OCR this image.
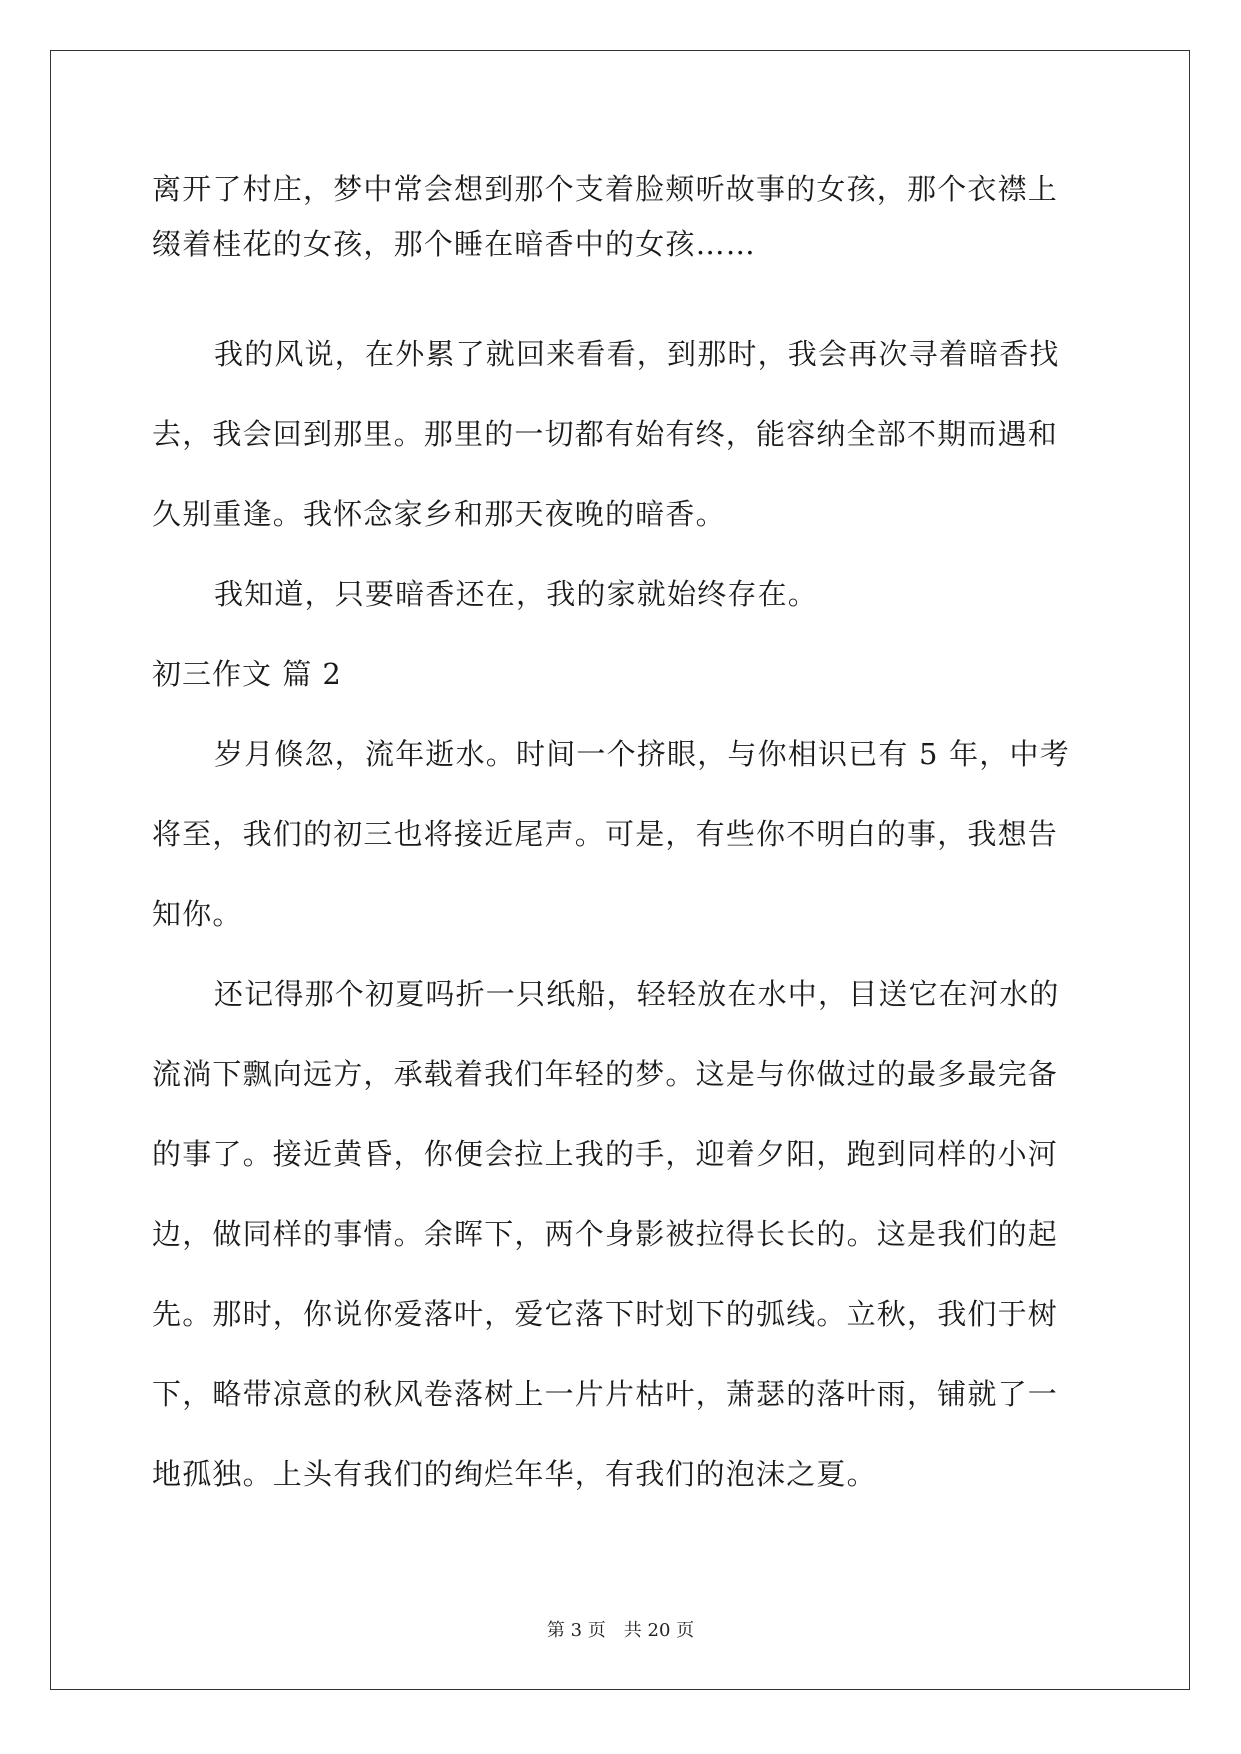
离开了村庄，梦中常会想到那个支着脸颊听故事的女孩，那个衣襟上
缀着桂花的女孩，那个睡在暗香中的女孩……
我的风说，在外累了就回来看看，到那时，我会再次寻着暗香找
去，我会回到那里。那里的一切都有始有终，能容纳全部不期而遇和
久别重逢。我怀念家乡和那天夜晚的暗香。
我知道，只要暗香还在，我的家就始终存在。
初三作文 篇 2
岁月倏忽，流年逝水。时间一个挤眼，与你相识已有 5 年，中考
将至，我们的初三也将接近尾声。可是，有些你不明白的事，我想告
知你。
还记得那个初夏吗折一只纸船，轻轻放在水中，目送它在河水的
流淌下飘向远方，承载着我们年轻的梦。这是与你做过的最多最完备
的事了。接近黄昏，你便会拉上我的手，迎着夕阳，跑到同样的小河
边，做同样的事情。余晖下，两个身影被拉得长长的。这是我们的起
先。那时，你说你爱落叶，爱它落下时划下的弧线。立秋，我们于树
下，略带凉意的秋风卷落树上一片片枯叶，萧瑟的落叶雨，铺就了一
地孤独。上头有我们的绚烂年华，有我们的泡沫之夏。
第 3 页　共 20 页
